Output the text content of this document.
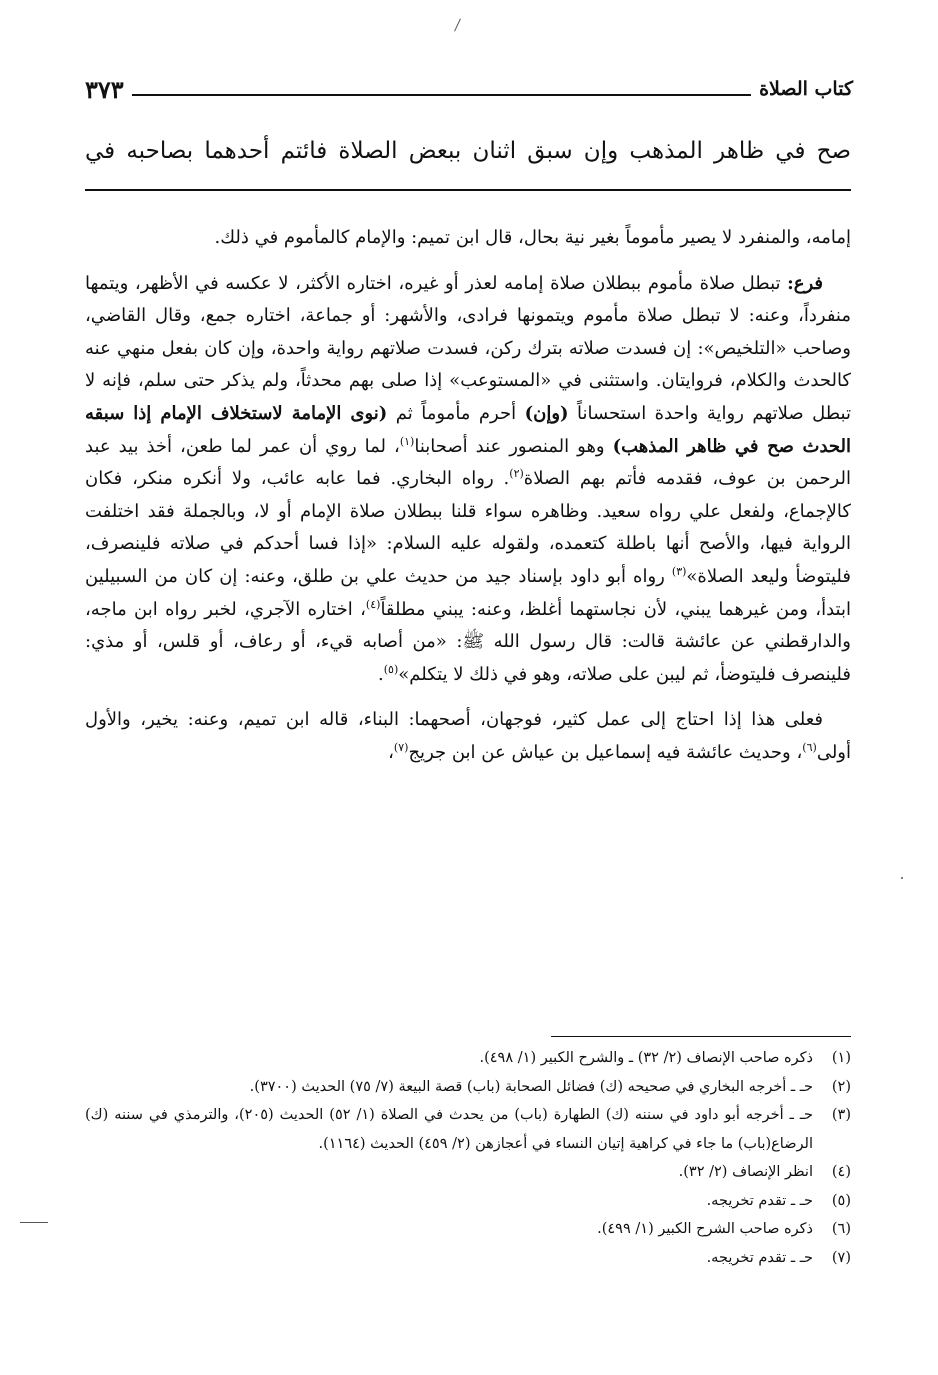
كتاب الصلاة
٣٧٣
صح في ظاهر المذهب وإن سبق اثنان ببعض الصلاة فائتم أحدهما بصاحبه في

إمامه، والمنفرد لا يصير مأموماً بغير نية بحال، قال ابن تميم: والإمام كالمأموم في ذلك.

فرع: تبطل صلاة مأموم ببطلان صلاة إمامه لعذر أو غيره، اختاره الأكثر، لا عكسه في الأظهر، ويتمها منفرداً، وعنه: لا تبطل صلاة مأموم ويتمونها فرادى، والأشهر: أو جماعة، اختاره جمع، وقال القاضي، وصاحب «التلخيص»: إن فسدت صلاته بترك ركن، فسدت صلاتهم رواية واحدة، وإن كان بفعل منهي عنه كالحدث والكلام، فروايتان. واستثنى في «المستوعب» إذا صلى بهم محدثاً، ولم يذكر حتى سلم، فإنه لا تبطل صلاتهم رواية واحدة استحساناً (وإن) أحرم مأموماً ثم (نوى الإمامة لاستخلاف الإمام إذا سبقه الحدث صح في ظاهر المذهب) وهو المنصور عند أصحابنا$^{(١)}$، لما روي أن عمر لما طعن، أخذ بيد عبد الرحمن بن عوف، فقدمه فأتم بهم الصلاة$^{(٢)}$. رواه البخاري. فما عابه عائب، ولا أنكره منكر، فكان كالإجماع، ولفعل علي رواه سعيد. وظاهره سواء قلنا ببطلان صلاة الإمام أو لا، وبالجملة فقد اختلفت الرواية فيها، والأصح أنها باطلة كتعمده، ولقوله عليه السلام: «إذا فسا أحدكم في صلاته فلينصرف، فليتوضأ وليعد الصلاة»$^{(٣)}$ رواه أبو داود بإسناد جيد من حديث علي بن طلق، وعنه: إن كان من السبيلين ابتدأ، ومن غيرهما يبني، لأن نجاستهما أغلظ، وعنه: يبني مطلقاً$^{(٤)}$، اختاره الآجري، لخبر رواه ابن ماجه، والدارقطني عن عائشة قالت: قال رسول الله ﷺ: «من أصابه قيء، أو رعاف، أو قلس، أو مذي: فلينصرف فليتوضأ، ثم ليبن على صلاته، وهو في ذلك لا يتكلم»$^{(٥)}$.

فعلى هذا إذا احتاج إلى عمل كثير، فوجهان، أصحهما: البناء، قاله ابن تميم، وعنه: يخير، والأول أولى$^{(٦)}$، وحديث عائشة فيه إسماعيل بن عياش عن ابن جريج$^{(٧)}$،

(١)
ذكره صاحب الإنصاف (٢/ ٣٢) ـ والشرح الكبير (١/ ٤٩٨).
(٢)
حـ ـ أخرجه البخاري في صحيحه (ك) فضائل الصحابة (باب) قصة البيعة (٧/ ٧٥) الحديث (٣٧٠٠).
(٣)
حـ ـ أخرجه أبو داود في سننه (ك) الطهارة (باب) من يحدث في الصلاة (١/ ٥٢) الحديث (٢٠٥)، والترمذي في سننه (ك) الرضاع(باب) ما جاء في كراهية إتيان النساء في أعجازهن (٢/ ٤٥٩) الحديث (١١٦٤).
(٤)
انظر الإنصاف (٢/ ٣٢).
(٥)
حـ ـ تقدم تخريجه.
(٦)
ذكره صاحب الشرح الكبير (١/ ٤٩٩).
(٧)
حـ ـ تقدم تخريجه.
